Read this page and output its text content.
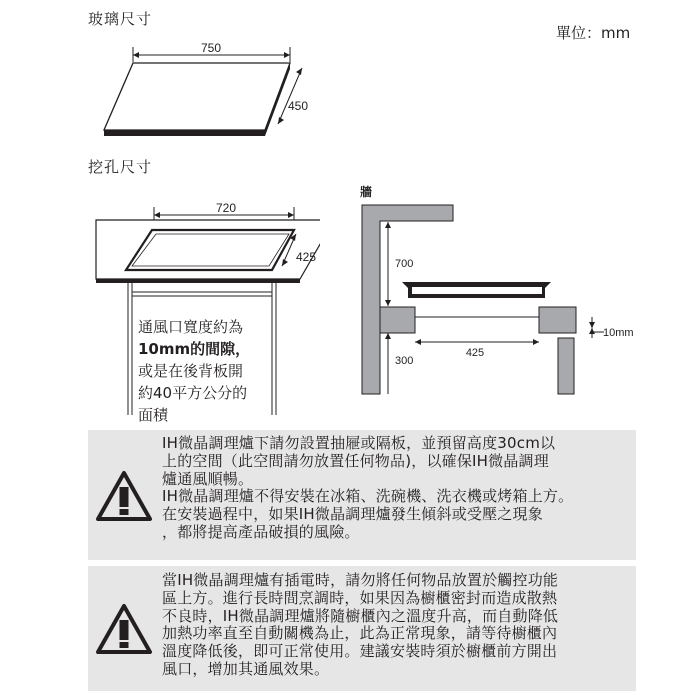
玻璃尺寸
單位：mm
挖孔尺寸
750
450
720
425
通風口寬度約為
10mm的間隙，
或是在後背板開
約40平方公分的
面積
牆
700
10mm
425
300
IH微晶調理爐下請勿設置抽屜或隔板，並預留高度30cm以
上的空間（此空間請勿放置任何物品)，以確保IH微晶調理
爐通風順暢。
IH微晶調理爐不得安裝在冰箱、洗碗機、洗衣機或烤箱上方。
在安裝過程中，如果IH微晶調理爐發生傾斜或受壓之現象
，都將提高產品破損的風險。
當IH微晶調理爐有插電時，請勿將任何物品放置於觸控功能
區上方。進行長時間烹調時，如果因為櫥櫃密封而造成散熱
不良時，IH微晶調理爐將隨櫥櫃內之溫度升高，而自動降低
加熱功率直至自動關機為止，此為正常現象，請等待櫥櫃內
溫度降低後，即可正常使用。建議安裝時須於櫥櫃前方開出
風口，增加其通風效果。
